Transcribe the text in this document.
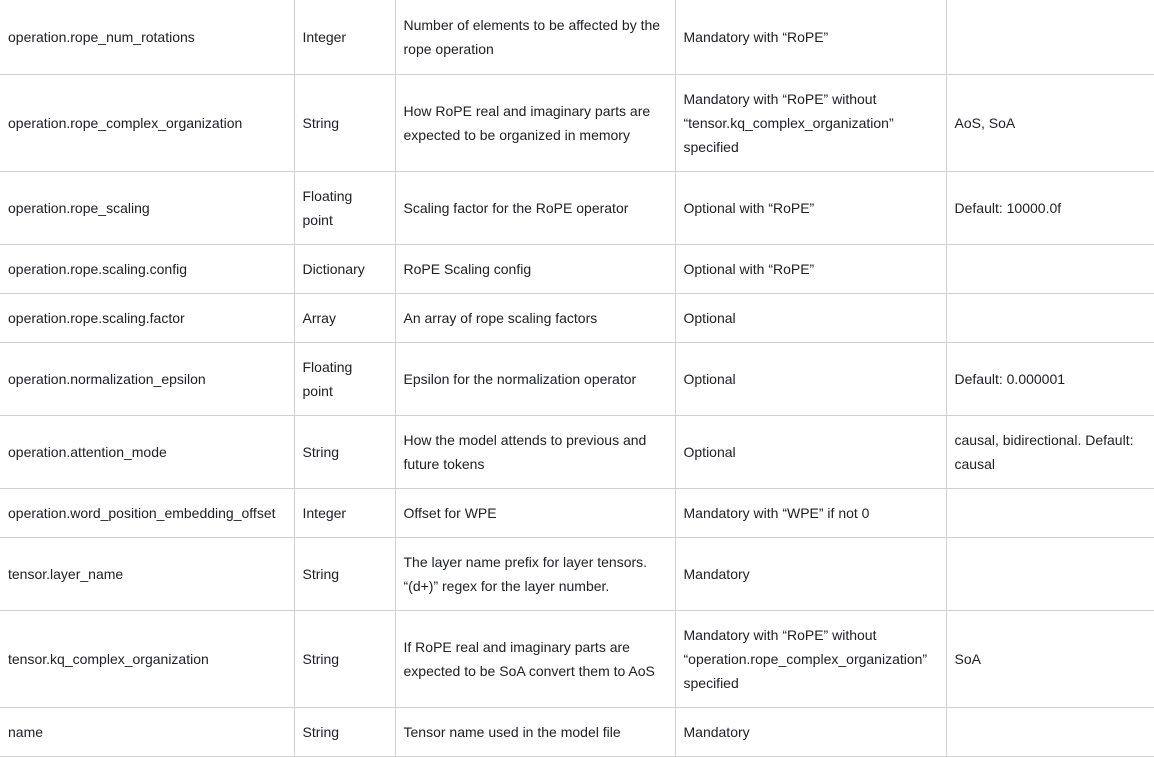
operation.rope_num_rotations	Integer	Number of elements to be affected by the rope operation	Mandatory with “RoPE”	
operation.rope_complex_organization	String	How RoPE real and imaginary parts are expected to be organized in memory	Mandatory with “RoPE” without “tensor.kq_complex_organization” specified	AoS, SoA
operation.rope_scaling	Floating point	Scaling factor for the RoPE operator	Optional with “RoPE”	Default: 10000.0f
operation.rope.scaling.config	Dictionary	RoPE Scaling config	Optional with “RoPE”	
operation.rope.scaling.factor	Array	An array of rope scaling factors	Optional	
operation.normalization_epsilon	Floating point	Epsilon for the normalization operator	Optional	Default: 0.000001
operation.attention_mode	String	How the model attends to previous and future tokens	Optional	causal, bidirectional. Default: causal
operation.word_position_embedding_offset	Integer	Offset for WPE	Mandatory with “WPE” if not 0	
tensor.layer_name	String	The layer name prefix for layer tensors. “(d+)” regex for the layer number.	Mandatory	
tensor.kq_complex_organization	String	If RoPE real and imaginary parts are expected to be SoA convert them to AoS	Mandatory with “RoPE” without “operation.rope_complex_organization” specified	SoA
name	String	Tensor name used in the model file	Mandatory	
